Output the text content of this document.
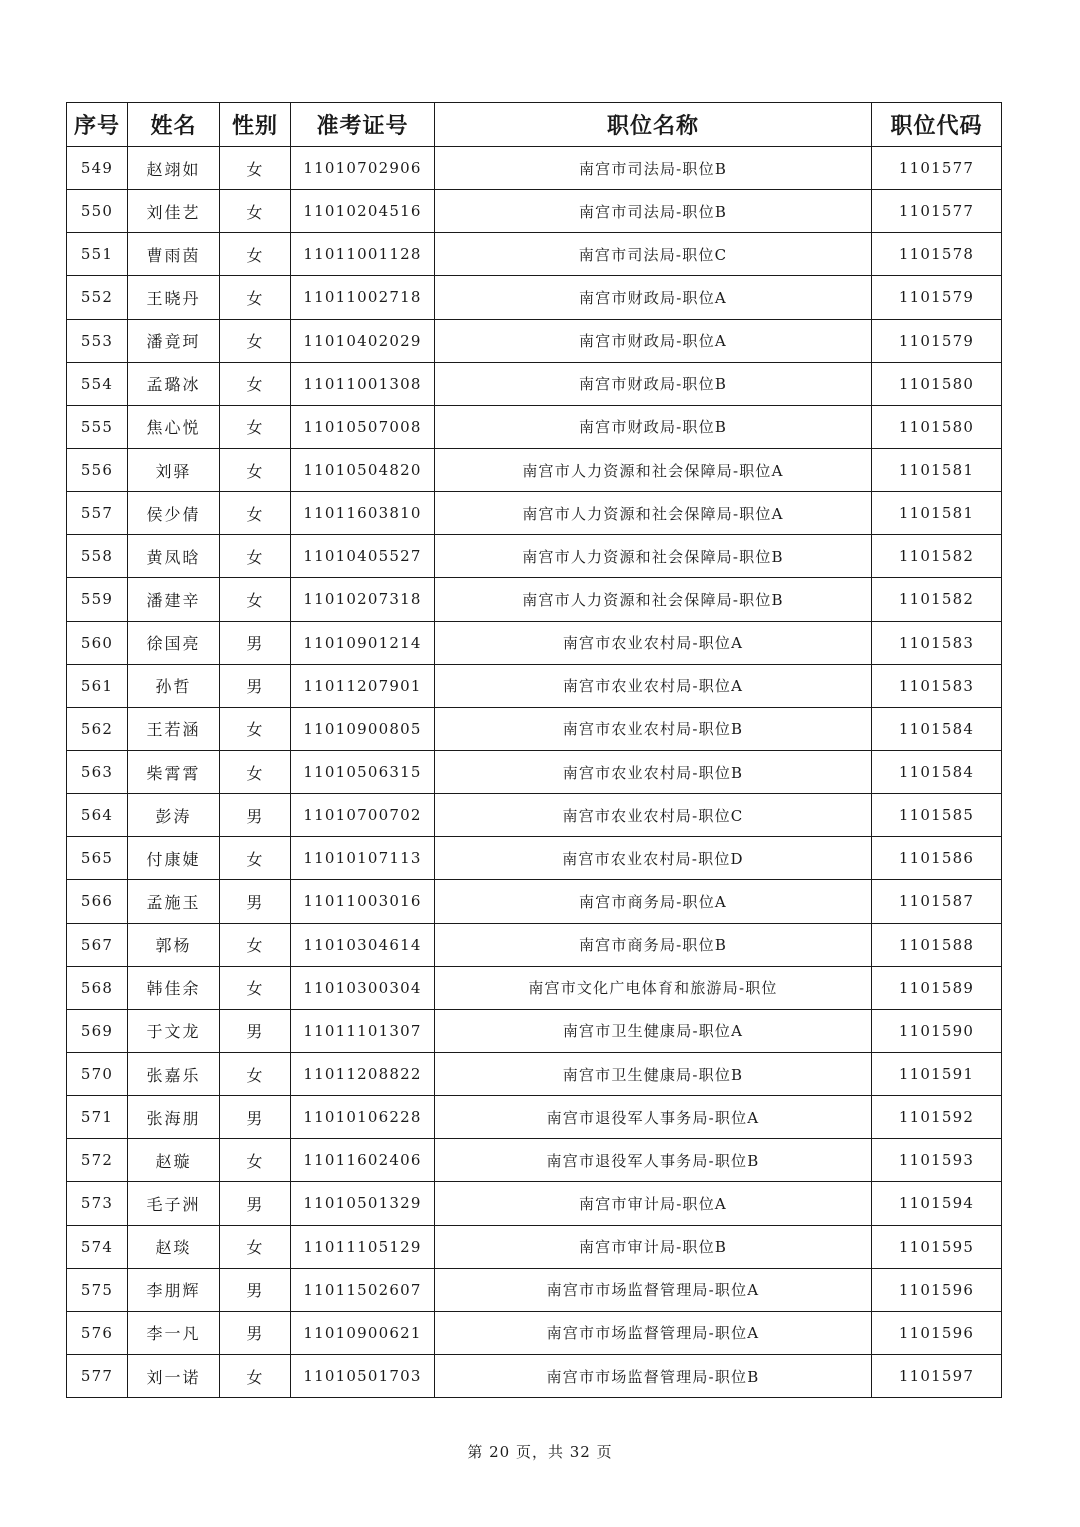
序号	姓名	性别	准考证号	职位名称	职位代码
549	赵翊如	女	11010702906	南宫市司法局-职位B	1101577
550	刘佳艺	女	11010204516	南宫市司法局-职位B	1101577
551	曹雨茵	女	11011001128	南宫市司法局-职位C	1101578
552	王晓丹	女	11011002718	南宫市财政局-职位A	1101579
553	潘竟珂	女	11010402029	南宫市财政局-职位A	1101579
554	孟璐冰	女	11011001308	南宫市财政局-职位B	1101580
555	焦心悦	女	11010507008	南宫市财政局-职位B	1101580
556	刘驿	女	11010504820	南宫市人力资源和社会保障局-职位A	1101581
557	侯少倩	女	11011603810	南宫市人力资源和社会保障局-职位A	1101581
558	黄凤晗	女	11010405527	南宫市人力资源和社会保障局-职位B	1101582
559	潘建辛	女	11010207318	南宫市人力资源和社会保障局-职位B	1101582
560	徐国亮	男	11010901214	南宫市农业农村局-职位A	1101583
561	孙哲	男	11011207901	南宫市农业农村局-职位A	1101583
562	王若涵	女	11010900805	南宫市农业农村局-职位B	1101584
563	柴霄霄	女	11010506315	南宫市农业农村局-职位B	1101584
564	彭涛	男	11010700702	南宫市农业农村局-职位C	1101585
565	付康婕	女	11010107113	南宫市农业农村局-职位D	1101586
566	孟施玉	男	11011003016	南宫市商务局-职位A	1101587
567	郭杨	女	11010304614	南宫市商务局-职位B	1101588
568	韩佳余	女	11010300304	南宫市文化广电体育和旅游局-职位	1101589
569	于文龙	男	11011101307	南宫市卫生健康局-职位A	1101590
570	张嘉乐	女	11011208822	南宫市卫生健康局-职位B	1101591
571	张海朋	男	11010106228	南宫市退役军人事务局-职位A	1101592
572	赵璇	女	11011602406	南宫市退役军人事务局-职位B	1101593
573	毛子洲	男	11010501329	南宫市审计局-职位A	1101594
574	赵琰	女	11011105129	南宫市审计局-职位B	1101595
575	李朋辉	男	11011502607	南宫市市场监督管理局-职位A	1101596
576	李一凡	男	11010900621	南宫市市场监督管理局-职位A	1101596
577	刘一诺	女	11010501703	南宫市市场监督管理局-职位B	1101597
第 20 页，共 32 页
